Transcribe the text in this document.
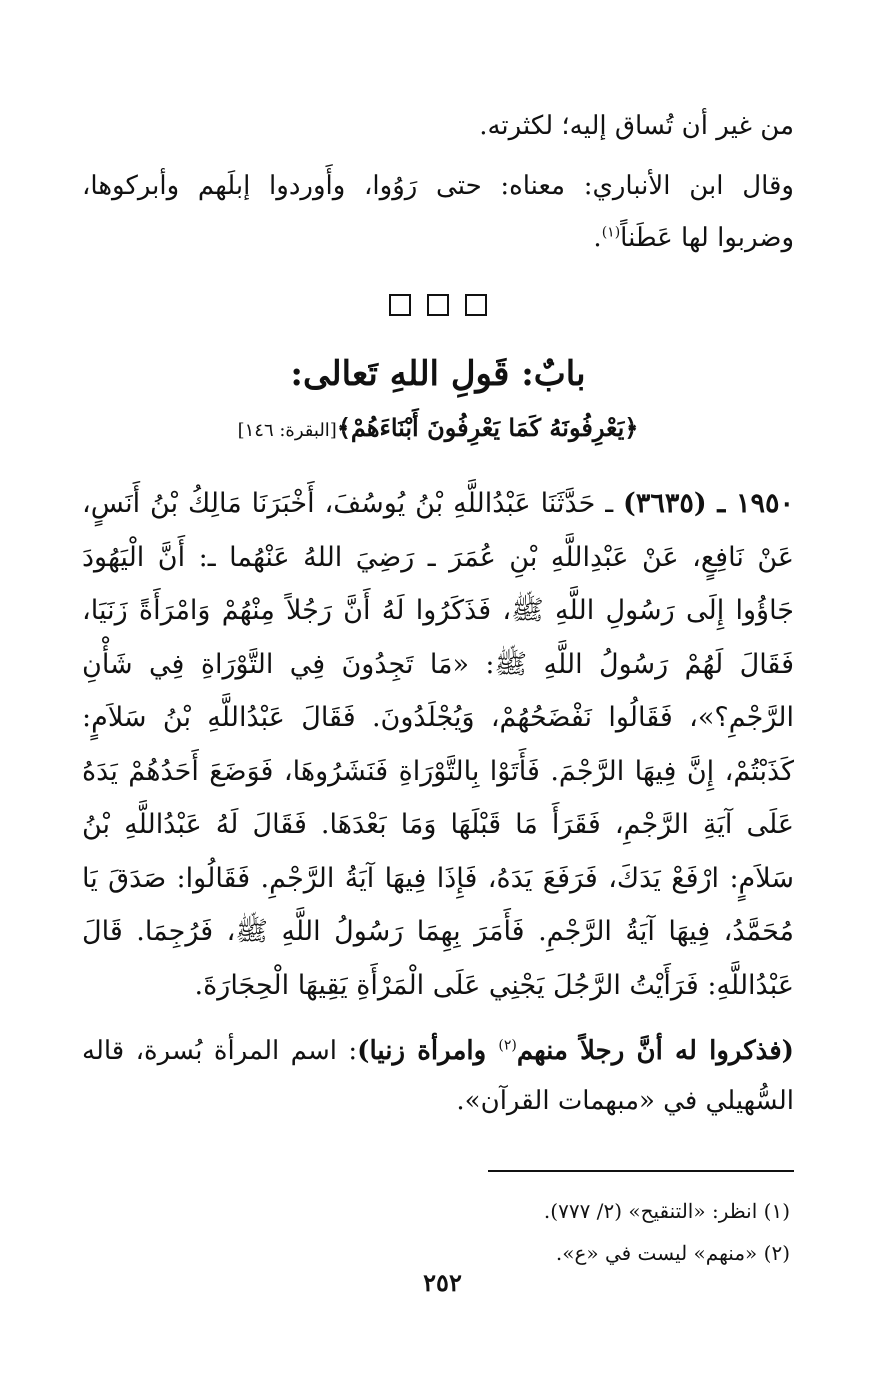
من غير أن تُساق إليه؛ لكثرته.

وقال ابن الأنباري: معناه: حتى رَوُوا، وأَوردوا إبلَهم وأبركوها، وضربوا لها عَطَناً$^{(١)}$.

بابٌ: قَولِ اللهِ تَعالى:

﴿يَعْرِفُونَهُ كَمَا يَعْرِفُونَ أَبْنَاءَهُمْ﴾[البقرة: ١٤٦]

١٩٥٠ ـ (٣٦٣٥) ـ حَدَّثَنَا عَبْدُاللَّهِ بْنُ يُوسُفَ، أَخْبَرَنَا مَالِكُ بْنُ أَنَسٍ، عَنْ نَافِعٍ، عَنْ عَبْدِاللَّهِ بْنِ عُمَرَ ـ رَضِيَ اللهُ عَنْهُما ـ: أَنَّ الْيَهُودَ جَاؤُوا إِلَى رَسُولِ اللَّهِ ﷺ، فَذَكَرُوا لَهُ أَنَّ رَجُلاً مِنْهُمْ وَامْرَأَةً زَنَيَا، فَقَالَ لَهُمْ رَسُولُ اللَّهِ ﷺ: «مَا تَجِدُونَ فِي التَّوْرَاةِ فِي شَأْنِ الرَّجْمِ؟»، فَقَالُوا نَفْضَحُهُمْ، وَيُجْلَدُونَ. فَقَالَ عَبْدُاللَّهِ بْنُ سَلاَمٍ: كَذَبْتُمْ، إِنَّ فِيهَا الرَّجْمَ. فَأَتَوْا بِالتَّوْرَاةِ فَنَشَرُوهَا، فَوَضَعَ أَحَدُهُمْ يَدَهُ عَلَى آيَةِ الرَّجْمِ، فَقَرَأَ مَا قَبْلَهَا وَمَا بَعْدَهَا. فَقَالَ لَهُ عَبْدُاللَّهِ بْنُ سَلاَمٍ: ارْفَعْ يَدَكَ، فَرَفَعَ يَدَهُ، فَإِذَا فِيهَا آيَةُ الرَّجْمِ. فَقَالُوا: صَدَقَ يَا مُحَمَّدُ، فِيهَا آيَةُ الرَّجْمِ. فَأَمَرَ بِهِمَا رَسُولُ اللَّهِ ﷺ، فَرُجِمَا. قَالَ عَبْدُاللَّهِ: فَرَأَيْتُ الرَّجُلَ يَجْنِي عَلَى الْمَرْأَةِ يَقِيهَا الْحِجَارَةَ.

(فذكروا له أنَّ رجلاً منهم$^{(٢)}$ وامرأة زنيا): اسم المرأة بُسرة، قاله السُّهيلي في «مبهمات القرآن».

(١) انظر: «التنقيح» (٢/ ٧٧٧).

(٢) «منهم» ليست في «ع».

٢٥٢
